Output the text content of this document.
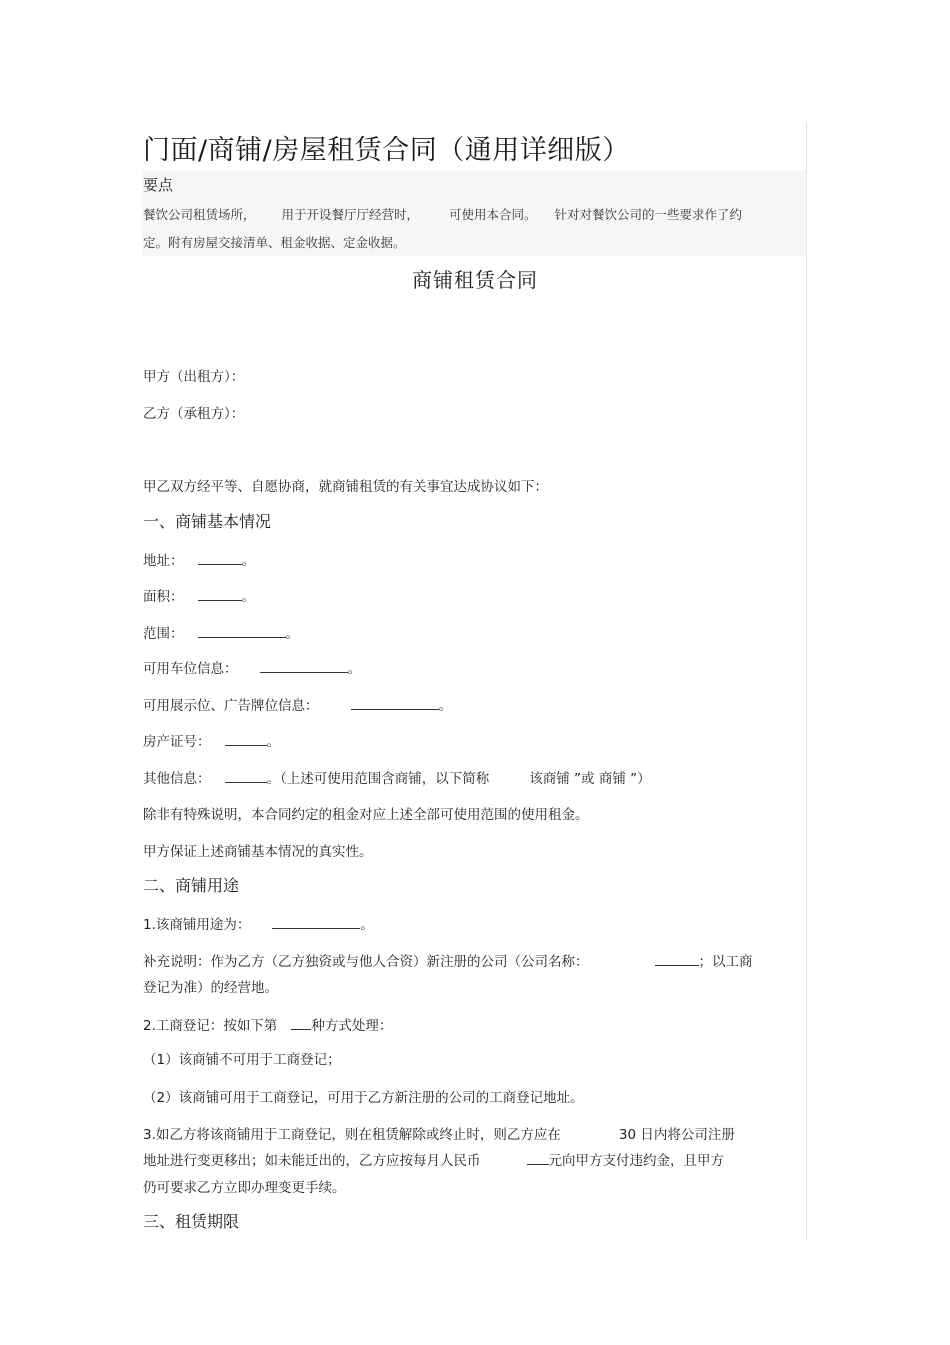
门面/商铺/房屋租赁合同（通用详细版）
要点
餐饮公司租赁场所， 用于开设餐厅厅经营时， 可使用本合同。 针对对餐饮公司的一些要求作了约
定。附有房屋交接清单、租金收据、定金收据。
商铺租赁合同
甲方（出租方）：
乙方（承租方）：
甲乙双方经平等、自愿协商，就商铺租赁的有关事宜达成协议如下：
一、商铺基本情况
地址：	。
面积：	。
范围：	。
可用车位信息：	。
可用展示位、广告牌位信息：	。
房产证号：	。
其他信息：	。（上述可使用范围含商铺，以下简称	该商铺 ”或 商铺 ”）
除非有特殊说明，本合同约定的租金对应上述全部可使用范围的使用租金。
甲方保证上述商铺基本情况的真实性。
二、商铺用途
1.该商铺用途为：	。
补充说明：作为乙方（乙方独资或与他人合资）新注册的公司（公司名称：	；以工商
登记为准）的经营地。
2.工商登记：按如下第	种方式处理：
（1）该商铺不可用于工商登记；
（2）该商铺可用于工商登记，可用于乙方新注册的公司的工商登记地址。
3.如乙方将该商铺用于工商登记，则在租赁解除或终止时，则乙方应在	30 日内将公司注册
地址进行变更移出；如未能迁出的，乙方应按每月人民币	元向甲方支付违约金，且甲方
仍可要求乙方立即办理变更手续。
三、租赁期限
